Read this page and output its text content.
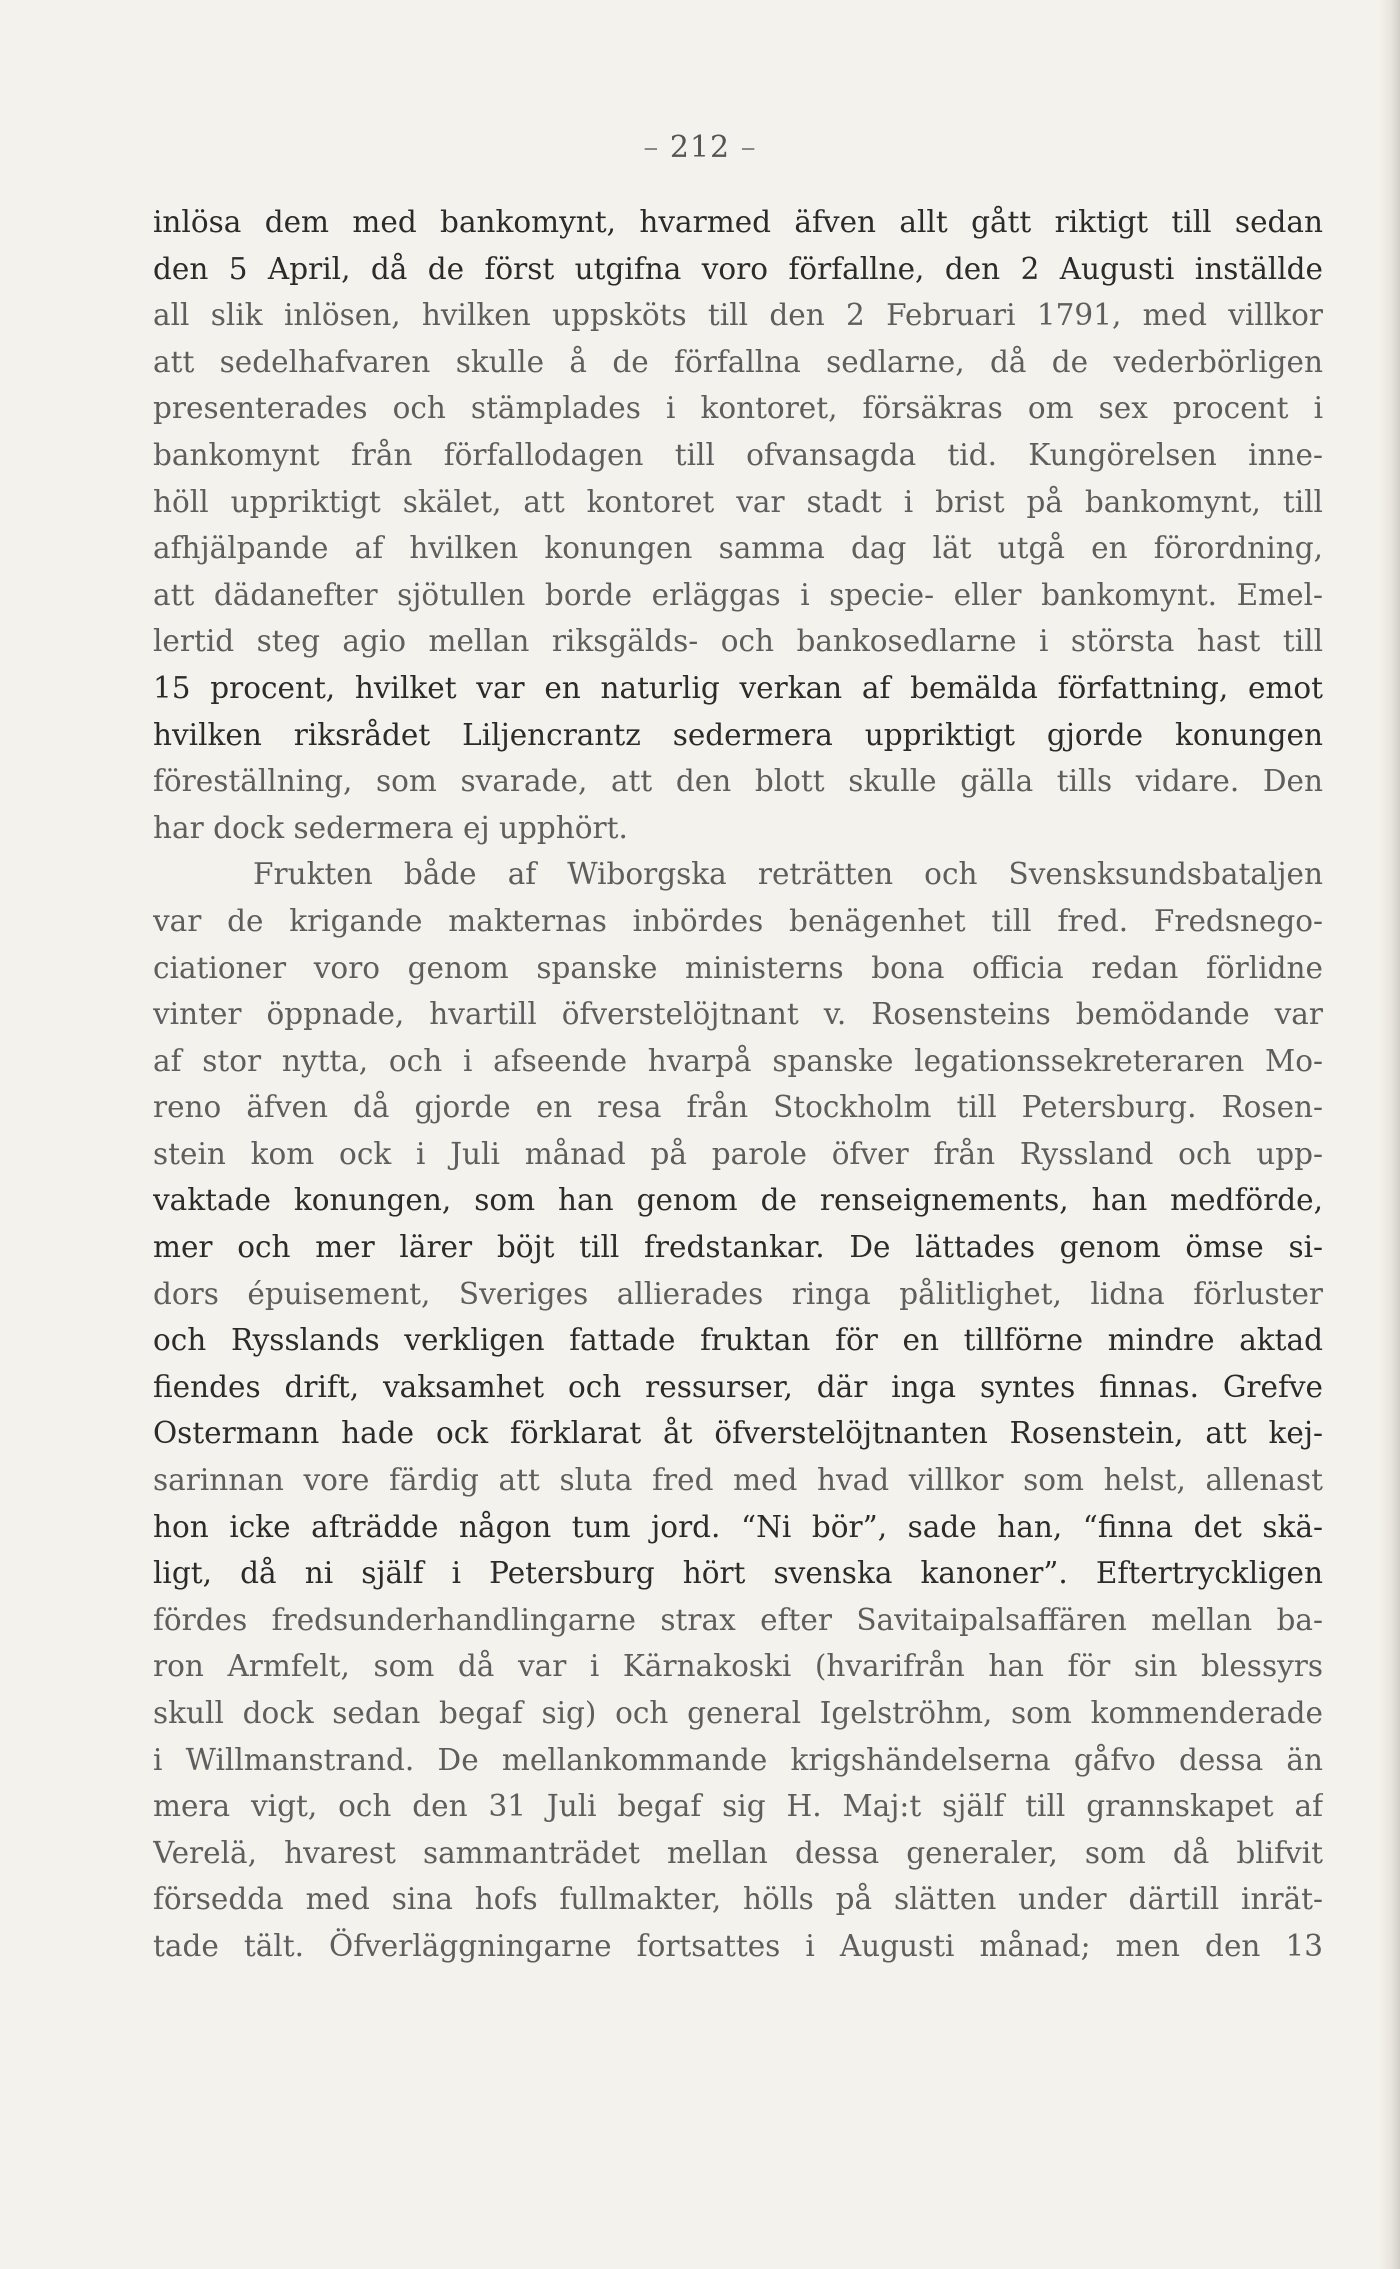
– 212 –
inlösa dem med bankomynt, hvarmed äfven allt gått riktigt till sedan
den 5 April, då de först utgifna voro förfallne, den 2 Augusti inställde
all slik inlösen, hvilken uppsköts till den 2 Februari 1791, med villkor
att sedelhafvaren skulle å de förfallna sedlarne, då de vederbörligen
presenterades och stämplades i kontoret, försäkras om sex procent i
bankomynt från förfallodagen till ofvansagda tid. Kungörelsen inne-
höll uppriktigt skälet, att kontoret var stadt i brist på bankomynt, till
afhjälpande af hvilken konungen samma dag lät utgå en förordning,
att dädanefter sjötullen borde erläggas i specie- eller bankomynt. Emel-
lertid steg agio mellan riksgälds- och bankosedlarne i största hast till
15 procent, hvilket var en naturlig verkan af bemälda författning, emot
hvilken riksrådet Liljencrantz sedermera uppriktigt gjorde konungen
föreställning, som svarade, att den blott skulle gälla tills vidare. Den
har dock sedermera ej upphört.
Frukten både af Wiborgska reträtten och Svensksundsbataljen
var de krigande makternas inbördes benägenhet till fred. Fredsnego-
ciationer voro genom spanske ministerns bona officia redan förlidne
vinter öppnade, hvartill öfverstelöjtnant v. Rosensteins bemödande var
af stor nytta, och i afseende hvarpå spanske legationssekreteraren Mo-
reno äfven då gjorde en resa från Stockholm till Petersburg. Rosen-
stein kom ock i Juli månad på parole öfver från Ryssland och upp-
vaktade konungen, som han genom de renseignements, han medförde,
mer och mer lärer böjt till fredstankar. De lättades genom ömse si-
dors épuisement, Sveriges allierades ringa pålitlighet, lidna förluster
och Rysslands verkligen fattade fruktan för en tillförne mindre aktad
fiendes drift, vaksamhet och ressurser, där inga syntes finnas. Grefve
Ostermann hade ock förklarat åt öfverstelöjtnanten Rosenstein, att kej-
sarinnan vore färdig att sluta fred med hvad villkor som helst, allenast
hon icke afträdde någon tum jord. “Ni bör”, sade han, “finna det skä-
ligt, då ni själf i Petersburg hört svenska kanoner”. Eftertryckligen
fördes fredsunderhandlingarne strax efter Savitaipalsaffären mellan ba-
ron Armfelt, som då var i Kärnakoski (hvarifrån han för sin blessyrs
skull dock sedan begaf sig) och general Igelströhm, som kommenderade
i Willmanstrand. De mellankommande krigshändelserna gåfvo dessa än
mera vigt, och den 31 Juli begaf sig H. Maj:t själf till grannskapet af
Verelä, hvarest sammanträdet mellan dessa generaler, som då blifvit
försedda med sina hofs fullmakter, hölls på slätten under därtill inrät-
tade tält. Öfverläggningarne fortsattes i Augusti månad; men den 13
